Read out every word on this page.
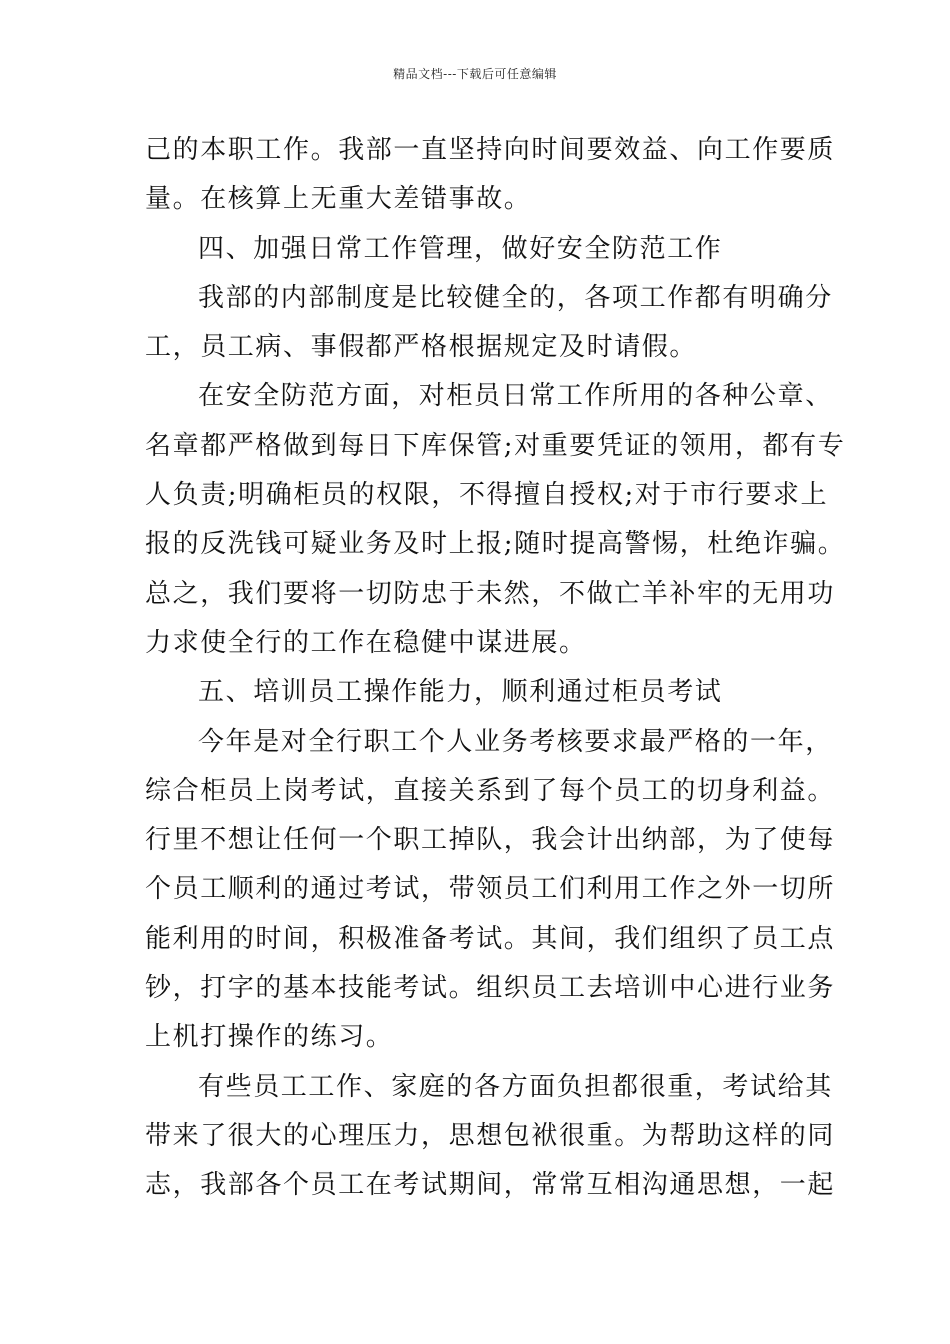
精品文档---下载后可任意编辑
己的本职工作。我部一直坚持向时间要效益、向工作要质
量。在核算上无重大差错事故。
四、加强日常工作管理，做好安全防范工作
我部的内部制度是比较健全的，各项工作都有明确分
工，员工病、事假都严格根据规定及时请假。
在安全防范方面，对柜员日常工作所用的各种公章、
名章都严格做到每日下库保管;对重要凭证的领用，都有专
人负责;明确柜员的权限，不得擅自授权;对于市行要求上
报的反洗钱可疑业务及时上报;随时提高警惕，杜绝诈骗。
总之，我们要将一切防忠于未然，不做亡羊补牢的无用功
力求使全行的工作在稳健中谋进展。
五、培训员工操作能力，顺利通过柜员考试
今年是对全行职工个人业务考核要求最严格的一年，
综合柜员上岗考试，直接关系到了每个员工的切身利益。
行里不想让任何一个职工掉队，我会计出纳部，为了使每
个员工顺利的通过考试，带领员工们利用工作之外一切所
能利用的时间，积极准备考试。其间，我们组织了员工点
钞，打字的基本技能考试。组织员工去培训中心进行业务
上机打操作的练习。
有些员工工作、家庭的各方面负担都很重，考试给其
带来了很大的心理压力，思想包袱很重。为帮助这样的同
志，我部各个员工在考试期间，常常互相沟通思想，一起
